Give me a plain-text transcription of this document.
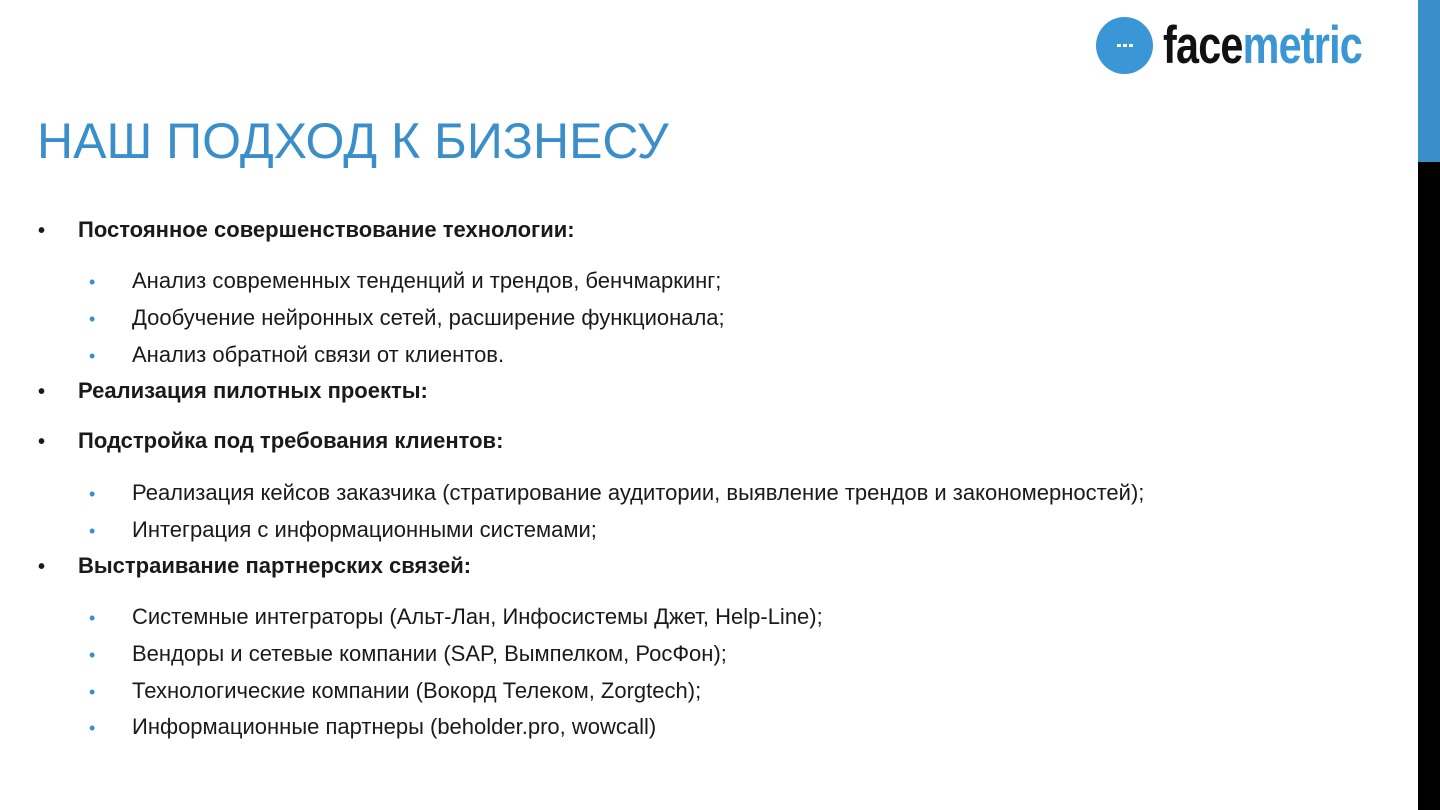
facemetric
НАШ ПОДХОД К БИЗНЕСУ
•	Постоянное совершенствование технологии:
•	Анализ современных тенденций и трендов, бенчмаркинг;
•	Дообучение нейронных сетей, расширение функционала;
•	Анализ обратной связи от клиентов.
•	Реализация пилотных проекты:
•	Подстройка под требования клиентов:
•	Реализация кейсов заказчика (стратирование аудитории, выявление трендов и закономерностей);
•	Интеграция с информационными системами;
•	Выстраивание партнерских связей:
•	Системные интеграторы (Альт-Лан, Инфосистемы Джет, Help-Line);
•	Вендоры и сетевые компании (SAP, Вымпелком, РосФон);
•	Технологические компании (Вокорд Телеком, Zorgtech);
•	Информационные партнеры (beholder.pro, wowcall)
